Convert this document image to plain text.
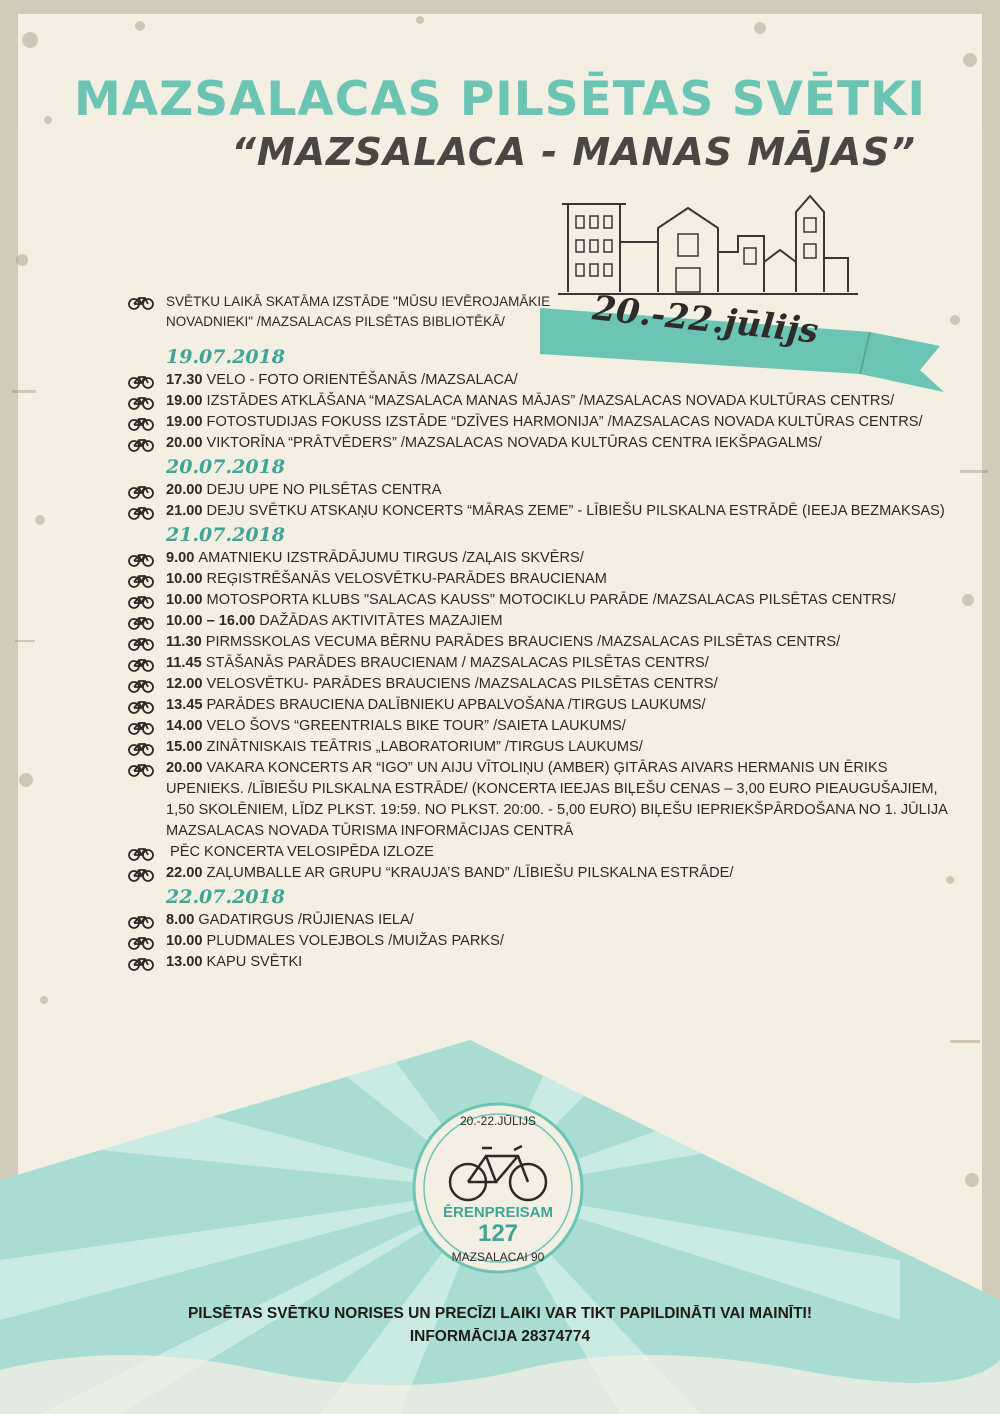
MAZSALACAS PILSĒTAS SVĒTKI
“MAZSALACA - MANAS MĀJAS”
20.-22.jūlijs
SVĒTKU LAIKĀ SKATĀMA IZSTĀDE "MŪSU IEVĒROJAMĀKIE NOVADNIEKI" /MAZSALACAS PILSĒTAS BIBLIOTĒKĀ/
19.07.2018
17.30 VELO - FOTO ORIENTĒŠANĀS /MAZSALACA/
19.00 IZSTĀDES ATKLĀŠANA “MAZSALACA MANAS MĀJAS” /MAZSALACAS NOVADA KULTŪRAS CENTRS/
19.00 FOTOSTUDIJAS FOKUSS IZSTĀDE “DZĪVES HARMONIJA” /MAZSALACAS NOVADA KULTŪRAS CENTRS/
20.00 VIKTORĪNA “PRĀTVĒDERS” /MAZSALACAS NOVADA KULTŪRAS CENTRA IEKŠPAGALMS/
20.07.2018
20.00 DEJU UPE NO PILSĒTAS CENTRA
21.00 DEJU SVĒTKU ATSKAŅU KONCERTS “MĀRAS ZEME” - LĪBIEŠU PILSKALNA ESTRĀDĒ (IEEJA BEZMAKSAS)
21.07.2018
9.00 AMATNIEKU IZSTRĀDĀJUMU TIRGUS /ZAĻAIS SKVĒRS/
10.00 REĢISTRĒŠANĀS VELOSVĒTKU-PARĀDES BRAUCIENAM
10.00 MOTOSPORTA KLUBS "SALACAS KAUSS" MOTOCIKLU PARĀDE /MAZSALACAS PILSĒTAS CENTRS/
10.00 – 16.00 DAŽĀDAS AKTIVITĀTES MAZAJIEM
11.30 PIRMSSKOLAS VECUMA BĒRNU PARĀDES BRAUCIENS /MAZSALACAS PILSĒTAS CENTRS/
11.45 STĀŠANĀS PARĀDES BRAUCIENAM / MAZSALACAS PILSĒTAS CENTRS/
12.00 VELOSVĒTKU- PARĀDES BRAUCIENS /MAZSALACAS PILSĒTAS CENTRS/
13.45 PARĀDES BRAUCIENA DALĪBNIEKU APBALVOŠANA /TIRGUS LAUKUMS/
14.00 VELO ŠOVS “GREENTRIALS BIKE TOUR” /SAIETA LAUKUMS/
15.00 ZINĀTNISKAIS TEĀTRIS „LABORATORIUM” /TIRGUS LAUKUMS/
20.00 VAKARA KONCERTS AR “IGO” UN AIJU VĪTOLIŅU (AMBER) ĢITĀRAS AIVARS HERMANIS UN ĒRIKS UPENIEKS. /LĪBIEŠU PILSKALNA ESTRĀDE/ (KONCERTA IEEJAS BIĻEŠU CENAS – 3,00 EURO PIEAUGUŠAJIEM, 1,50 SKOLĒNIEM, LĪDZ PLKST. 19:59. NO PLKST. 20:00. - 5,00 EURO) BIĻEŠU IEPRIEKŠPĀRDOŠANA NO 1. JŪLIJA MAZSALACAS NOVADA TŪRISMA INFORMĀCIJAS CENTRĀ
PĒC KONCERTA VELOSIPĒDA IZLOZE
22.00 ZAĻUMBALLE AR GRUPU “KRAUJA’S BAND” /LĪBIEŠU PILSKALNA ESTRĀDE/
22.07.2018
8.00 GADATIRGUS /RŪJIENAS IELA/
10.00 PLUDMALES VOLEJBOLS /MUIŽAS PARKS/
13.00 KAPU SVĒTKI
20.-22.JŪLIJS
ĒRENPREISAM
127
MAZSALACAI 90
PILSĒTAS SVĒTKU NORISES UN PRECĪZI LAIKI VAR TIKT PAPILDINĀTI VAI MAINĪTI!
INFORMĀCIJA 28374774
